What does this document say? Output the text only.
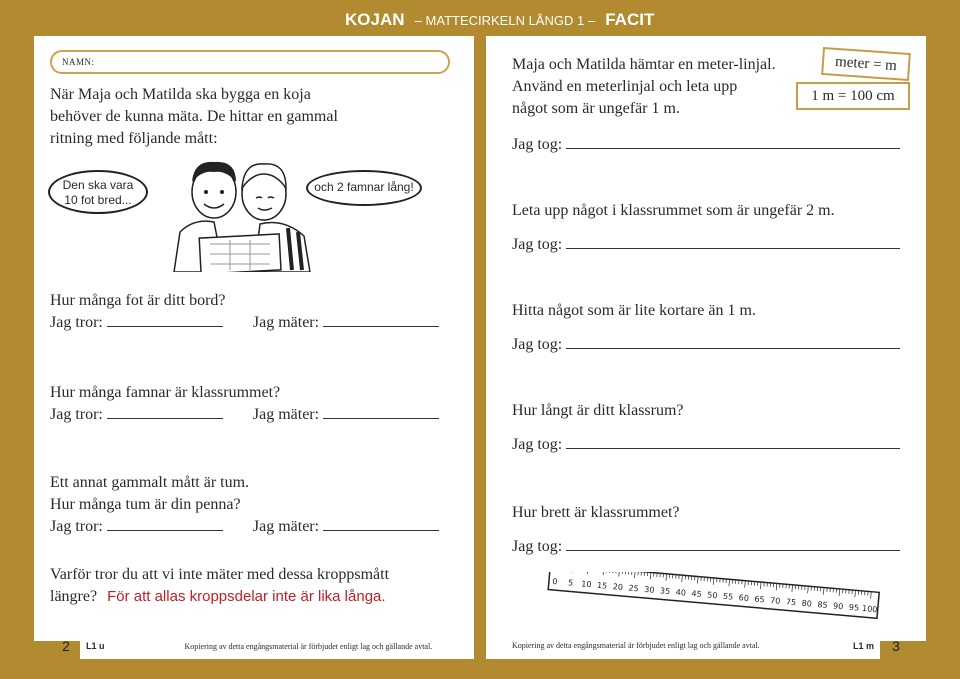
KOJAN – MATTECIRKELN LÅNGD 1 – FACIT
NAMN:
När Maja och Matilda ska bygga en koja
behöver de kunna mäta. De hittar en gammal
ritning med följande mått:
Den ska vara
10 fot bred...
och 2 famnar lång!
Hur många fot är ditt bord?
Jag tror:	Jag mäter:
Hur många famnar är klassrummet?
Jag tror:	Jag mäter:
Ett annat gammalt mått är tum.
Hur många tum är din penna?
Jag tror:	Jag mäter:
Varför tror du att vi inte mäter med dessa kroppsmått
längre? För att allas kroppsdelar inte är lika långa.
Maja och Matilda hämtar en meter-linjal.
Använd en meterlinjal och leta upp
något som är ungefär 1 m.
meter = m
1 m = 100 cm
Jag tog:
Leta upp något i klassrummet som är ungefär 2 m.
Jag tog:
Hitta något som är lite kortare än 1 m.
Jag tog:
Hur långt är ditt klassrum?
Jag tog:
Hur brett är klassrummet?
Jag tog:
0 5 10 15 20 25 30 35 40 45 50 55 60 65 70 75 80 85 90 95 100
2	L1 u	Kopiering av detta engångsmaterial är förbjudet enligt lag och gällande avtal.	Kopiering av detta engångsmaterial är förbjudet enligt lag och gällande avtal.	L1 m	3
